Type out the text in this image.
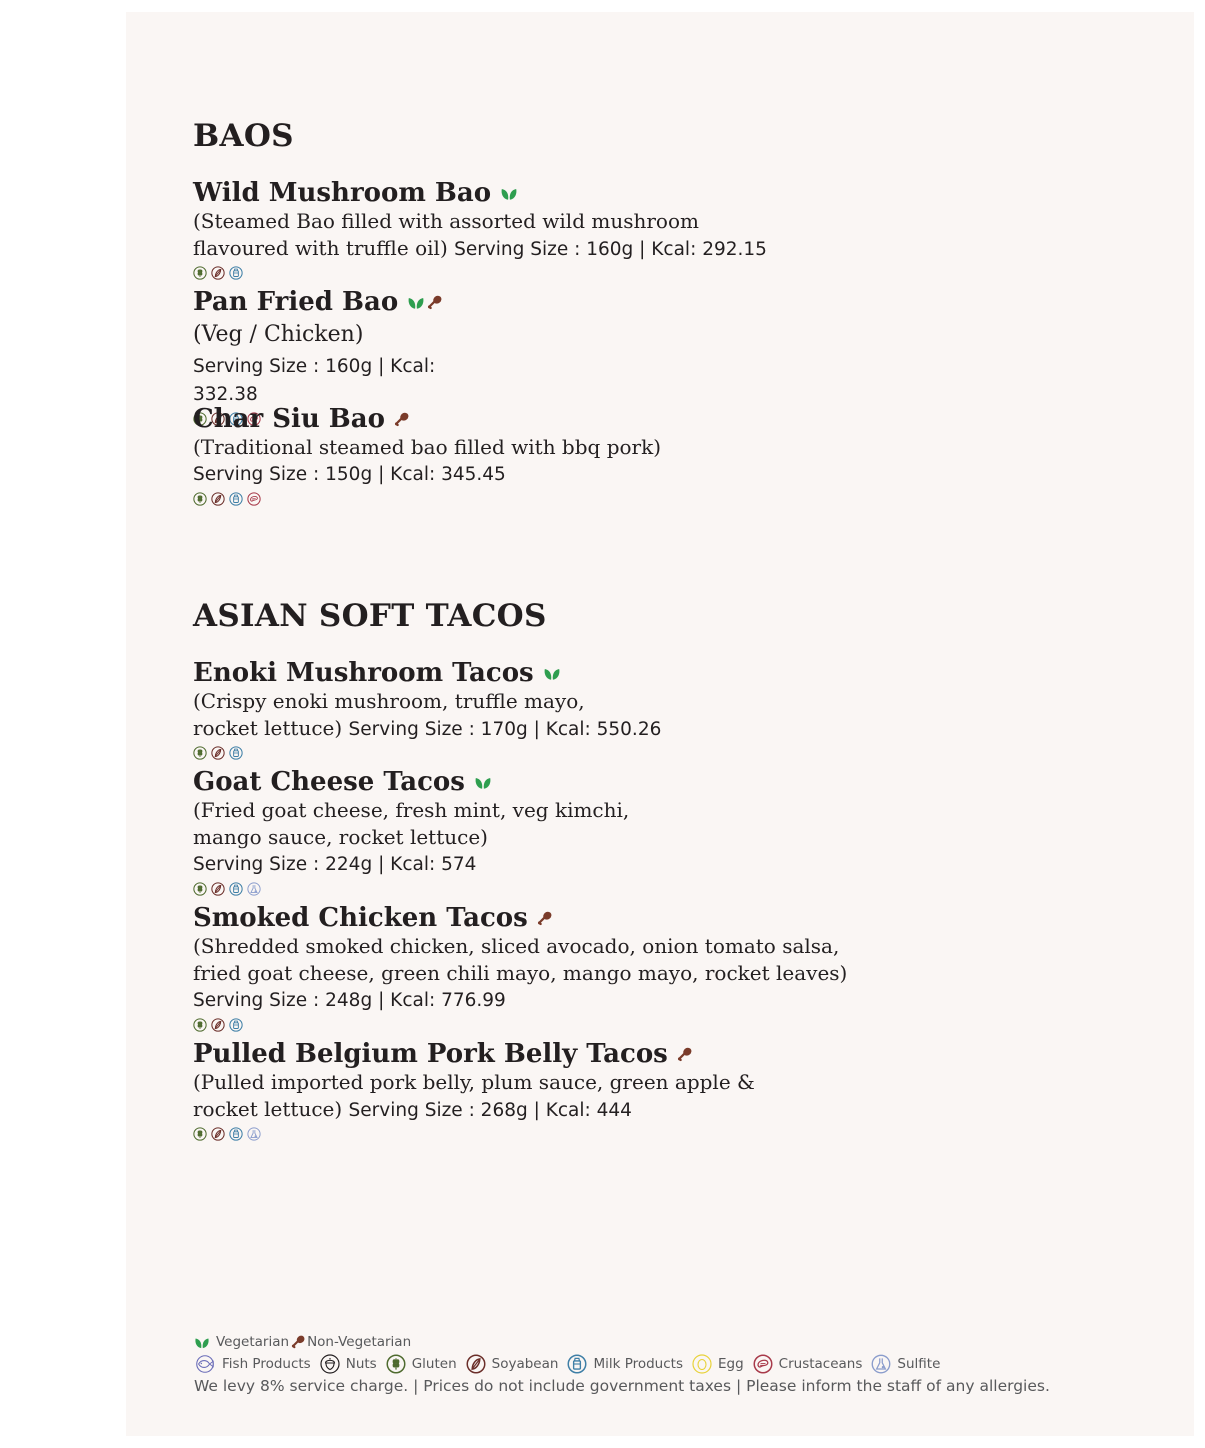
BAOS
Wild Mushroom Bao
(Steamed Bao filled with assorted wild mushroom
flavoured with truffle oil) Serving Size : 160g | Kcal: 292.15
Pan Fried Bao
(Veg / Chicken)
Serving Size : 160g | Kcal: 332.38
Char Siu Bao
(Traditional steamed bao filled with bbq pork)
Serving Size : 150g | Kcal: 345.45
ASIAN SOFT TACOS
Enoki Mushroom Tacos
(Crispy enoki mushroom, truffle mayo,
rocket lettuce) Serving Size : 170g | Kcal: 550.26
Goat Cheese Tacos
(Fried goat cheese, fresh mint, veg kimchi,
mango sauce, rocket lettuce)
Serving Size : 224g | Kcal: 574
Smoked Chicken Tacos
(Shredded smoked chicken, sliced avocado, onion tomato salsa,
fried goat cheese, green chili mayo, mango mayo, rocket leaves)
Serving Size : 248g | Kcal: 776.99
Pulled Belgium Pork Belly Tacos
(Pulled imported pork belly, plum sauce, green apple &
rocket lettuce) Serving Size : 268g | Kcal: 444
Vegetarian Non-Vegetarian
Fish Products	Nuts	Gluten	Soyabean	Milk Products	Egg	Crustaceans	Sulfite
We levy 8% service charge. | Prices do not include government taxes | Please inform the staff of any allergies.
